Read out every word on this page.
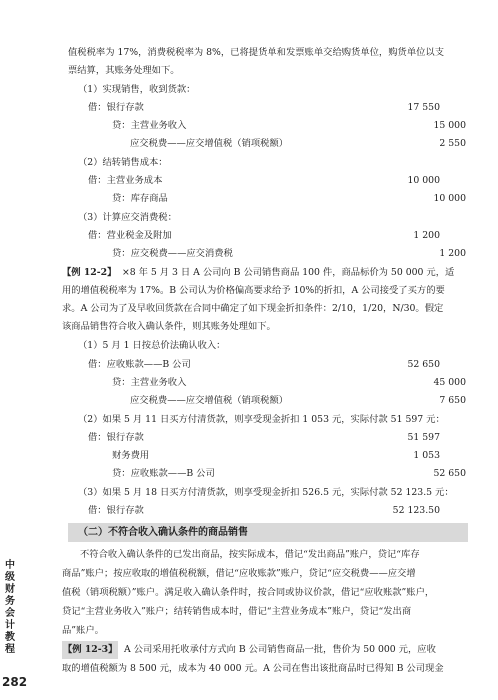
值税税率为 17%，消费税税率为 8%，已将提货单和发票账单交给购货单位，购货单位以支
票结算，其账务处理如下。
（1）实现销售，收到货款：
借：银行存款	17 550
贷：主营业务收入	15 000
应交税费——应交增值税（销项税额）	2 550
（2）结转销售成本：
借：主营业务成本	10 000
贷：库存商品	10 000
（3）计算应交消费税：
借：营业税金及附加	1 200
贷：应交税费——应交消费税	1 200
【例 12-2】 ×8 年 5 月 3 日 A 公司向 B 公司销售商品 100 件，商品标价为 50 000 元，适
用的增值税税率为 17%。B 公司认为价格偏高要求给予 10%的折扣，A 公司接受了买方的要
求。A 公司为了及早收回货款在合同中确定了如下现金折扣条件：2/10，1/20，N/30。假定
该商品销售符合收入确认条件，则其账务处理如下。
（1）5 月 1 日按总价法确认收入：
借：应收账款——B 公司	52 650
贷：主营业务收入	45 000
应交税费——应交增值税（销项税额）	7 650
（2）如果 5 月 11 日买方付清货款，则享受现金折扣 1 053 元，实际付款 51 597 元：
借：银行存款	51 597
财务费用	1 053
贷：应收账款——B 公司	52 650
（3）如果 5 月 18 日买方付清货款，则享受现金折扣 526.5 元，实际付款 52 123.5 元：
借：银行存款	52 123.50
（二）不符合收入确认条件的商品销售
不符合收入确认条件的已发出商品，按实际成本，借记“发出商品”账户，贷记“库存
商品”账户；按应收取的增值税税额，借记“应收账款”账户，贷记“应交税费——应交增
值税（销项税额）”账户。满足收入确认条件时，按合同或协议价款，借记“应收账款”账户，
贷记“主营业务收入”账户；结转销售成本时，借记“主营业务成本”账户，贷记“发出商
品”账户。
【例 12-3】 A 公司采用托收承付方式向 B 公司销售商品一批，售价为 50 000 元，应收
取的增值税额为 8 500 元，成本为 40 000 元。A 公司在售出该批商品时已得知 B 公司现金
中级财务会计教程
282
